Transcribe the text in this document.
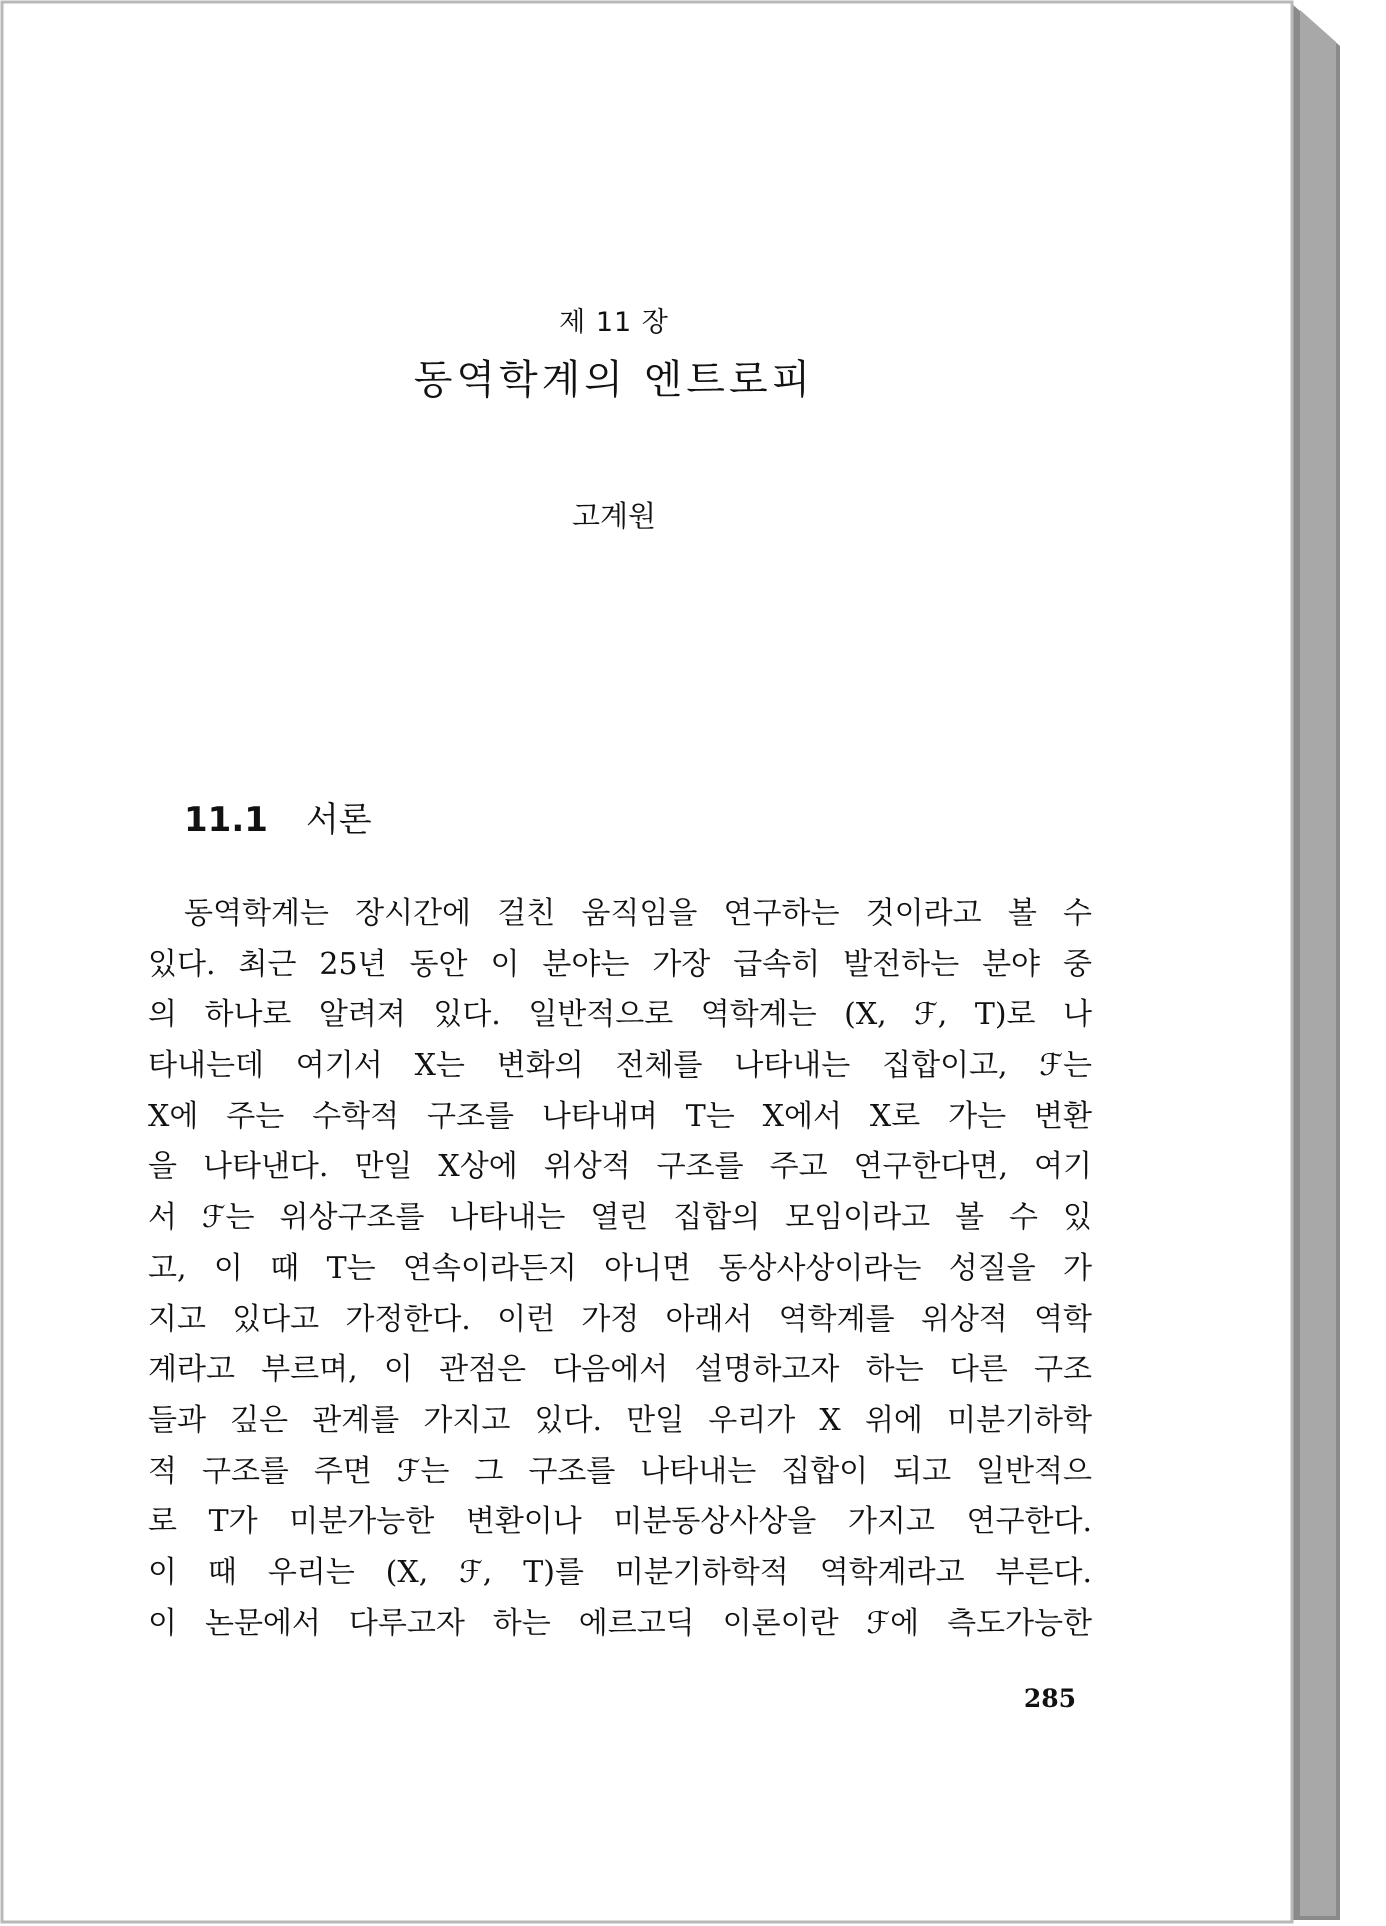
제 11 장
동역학계의 엔트로피
고계원
11.1 서론
동역학계는 장시간에 걸친 움직임을 연구하는 것이라고 볼 수
있다. 최근 25년 동안 이 분야는 가장 급속히 발전하는 분야 중
의 하나로 알려져 있다. 일반적으로 역학계는 (X, ℱ, T)로 나
타내는데 여기서 X는 변화의 전체를 나타내는 집합이고, ℱ는
X에 주는 수학적 구조를 나타내며 T는 X에서 X로 가는 변환
을 나타낸다. 만일 X상에 위상적 구조를 주고 연구한다면, 여기
서 ℱ는 위상구조를 나타내는 열린 집합의 모임이라고 볼 수 있
고, 이 때 T는 연속이라든지 아니면 동상사상이라는 성질을 가
지고 있다고 가정한다. 이런 가정 아래서 역학계를 위상적 역학
계라고 부르며, 이 관점은 다음에서 설명하고자 하는 다른 구조
들과 깊은 관계를 가지고 있다. 만일 우리가 X 위에 미분기하학
적 구조를 주면 ℱ는 그 구조를 나타내는 집합이 되고 일반적으
로 T가 미분가능한 변환이나 미분동상사상을 가지고 연구한다.
이 때 우리는 (X, ℱ, T)를 미분기하학적 역학계라고 부른다.
이 논문에서 다루고자 하는 에르고딕 이론이란 ℱ에 측도가능한
285
